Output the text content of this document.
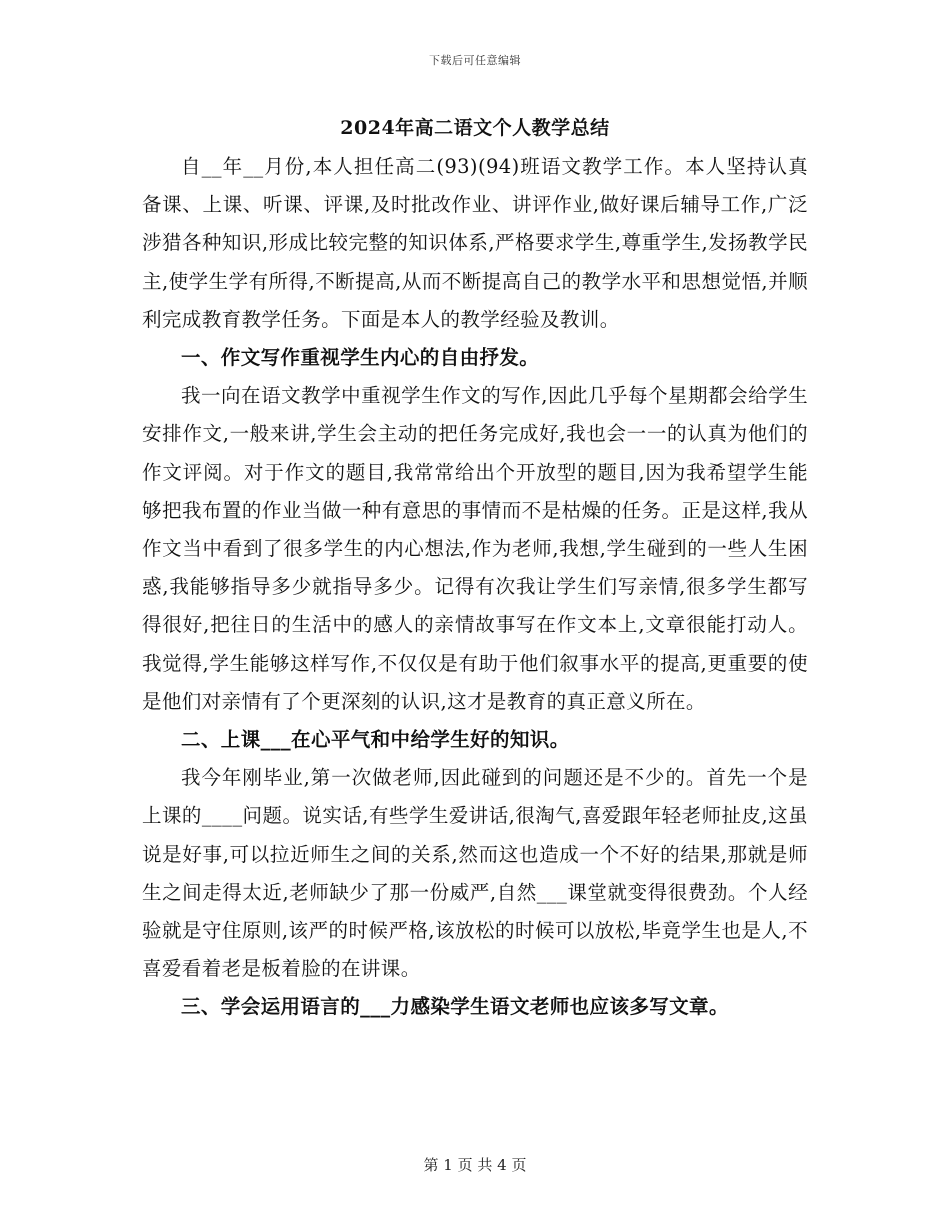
下载后可任意编辑
2024年高二语文个人教学总结

自__年__月份,本人担任高二(93)(94)班语文教学工作。本人坚持认真备课、上课、听课、评课,及时批改作业、讲评作业,做好课后辅导工作,广泛涉猎各种知识,形成比较完整的知识体系,严格要求学生,尊重学生,发扬教学民主,使学生学有所得,不断提高,从而不断提高自己的教学水平和思想觉悟,并顺利完成教育教学任务。下面是本人的教学经验及教训。

一、作文写作重视学生内心的自由抒发。

我一向在语文教学中重视学生作文的写作,因此几乎每个星期都会给学生安排作文,一般来讲,学生会主动的把任务完成好,我也会一一的认真为他们的作文评阅。对于作文的题目,我常常给出个开放型的题目,因为我希望学生能够把我布置的作业当做一种有意思的事情而不是枯燥的任务。正是这样,我从作文当中看到了很多学生的内心想法,作为老师,我想,学生碰到的一些人生困惑,我能够指导多少就指导多少。记得有次我让学生们写亲情,很多学生都写得很好,把往日的生活中的感人的亲情故事写在作文本上,文章很能打动人。我觉得,学生能够这样写作,不仅仅是有助于他们叙事水平的提高,更重要的使是他们对亲情有了个更深刻的认识,这才是教育的真正意义所在。

二、上课___在心平气和中给学生好的知识。

我今年刚毕业,第一次做老师,因此碰到的问题还是不少的。首先一个是上课的____问题。说实话,有些学生爱讲话,很淘气,喜爱跟年轻老师扯皮,这虽说是好事,可以拉近师生之间的关系,然而这也造成一个不好的结果,那就是师生之间走得太近,老师缺少了那一份威严,自然___课堂就变得很费劲。个人经验就是守住原则,该严的时候严格,该放松的时候可以放松,毕竟学生也是人,不喜爱看着老是板着脸的在讲课。

三、学会运用语言的___力感染学生语文老师也应该多写文章。

第 1 页 共 4 页
